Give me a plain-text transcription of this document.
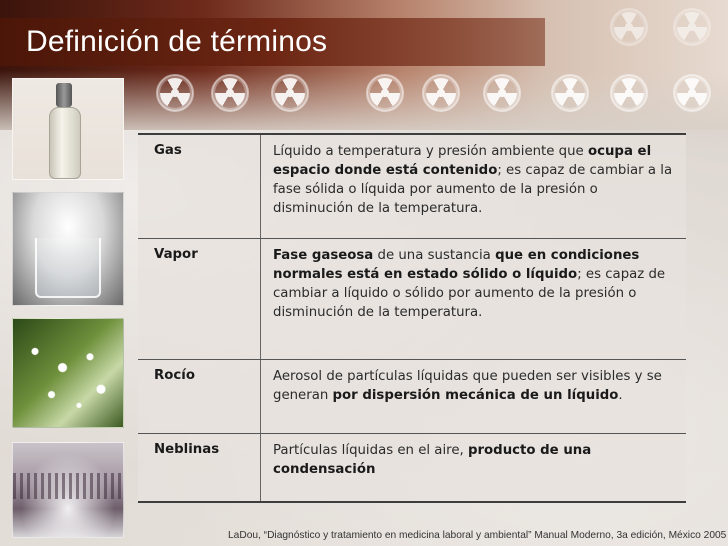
Definición de términos
Gas	Líquido a temperatura y presión ambiente que ocupa el espacio donde está contenido; es capaz de cambiar a la fase sólida o líquida por aumento de la presión o disminución de la temperatura.
Vapor	Fase gaseosa de una sustancia que en condiciones normales está en estado sólido o líquido; es capaz de cambiar a líquido o sólido por aumento de la presión o disminución de la temperatura.
Rocío	Aerosol de partículas líquidas que pueden ser visibles y se generan por dispersión mecánica de un líquido.
Neblinas	Partículas líquidas en el aire, producto de una condensación
LaDou, “Diagnóstico y tratamiento en medicina laboral y ambiental” Manual Moderno, 3a edición, México 2005
